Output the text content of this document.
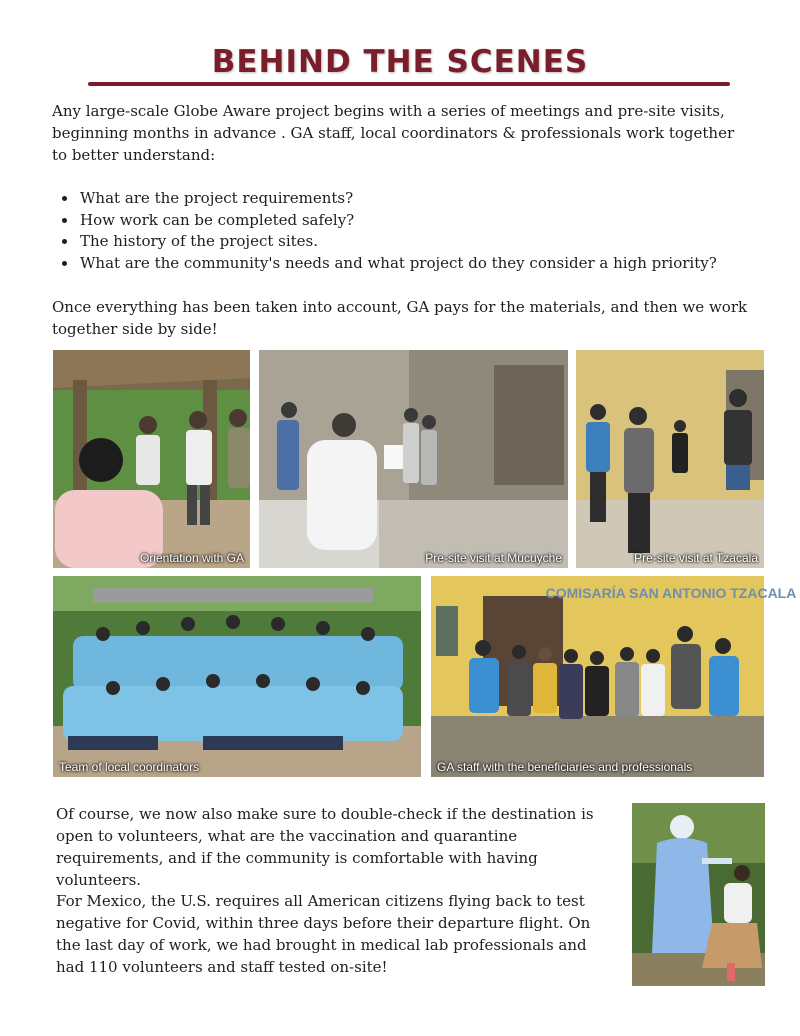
BEHIND THE SCENES

Any large-scale Globe Aware project begins with a series of meetings and pre-site visits, beginning months in advance . GA staff, local coordinators & professionals work together to better understand:

• What are the project requirements?
• How work can be completed safely?
• The history of the project sites.
• What are the community's needs and what project do they consider a high priority?

Once everything has been taken into account, GA pays for the materials, and then we work together side by side!

Orientation with GA	Pre-site visit at Mucuyche	Pre-site visit at Tzacala
Team of local coordinators
COMISARÍA SAN ANTONIO TZACALA
GA staff with the beneficiaries and professionals

Of course, we now also make sure to double-check if the destination is open to volunteers, what are the vaccination and quarantine requirements, and if the community is comfortable with having volunteers.

For Mexico, the U.S. requires all American citizens flying back to test negative for Covid, within three days before their departure flight. On the last day of work, we had brought in medical lab professionals and had 110 volunteers and staff tested on-site!
